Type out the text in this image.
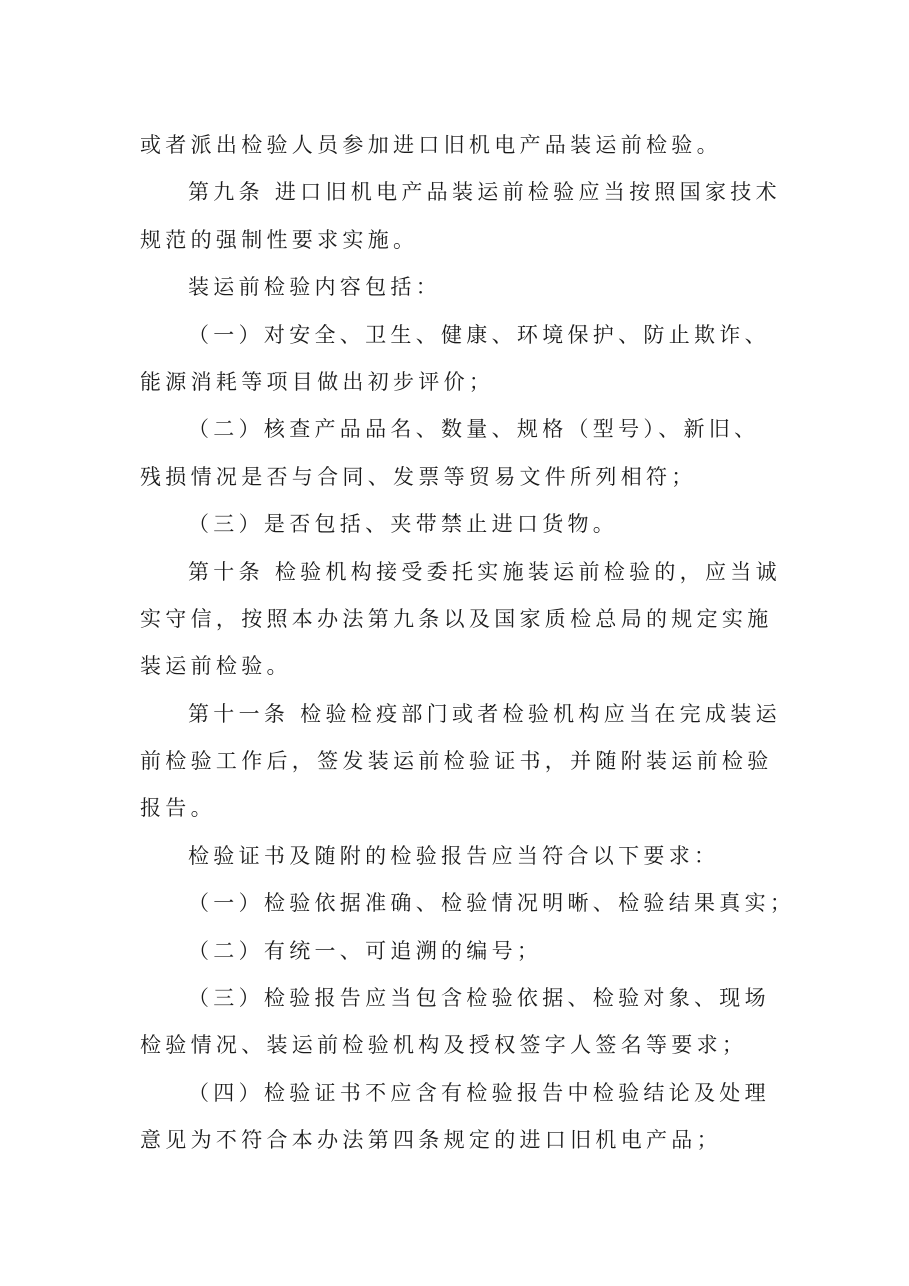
或者派出检验人员参加进口旧机电产品装运前检验。
第九条 进口旧机电产品装运前检验应当按照国家技术
规范的强制性要求实施。
装运前检验内容包括：
（一）对安全、卫生、健康、环境保护、防止欺诈、
能源消耗等项目做出初步评价；
（二）核查产品品名、数量、规格（型号）、新旧、
残损情况是否与合同、发票等贸易文件所列相符；
（三）是否包括、夹带禁止进口货物。
第十条 检验机构接受委托实施装运前检验的，应当诚
实守信，按照本办法第九条以及国家质检总局的规定实施
装运前检验。
第十一条 检验检疫部门或者检验机构应当在完成装运
前检验工作后，签发装运前检验证书，并随附装运前检验
报告。
检验证书及随附的检验报告应当符合以下要求：
（一）检验依据准确、检验情况明晰、检验结果真实；
（二）有统一、可追溯的编号；
（三）检验报告应当包含检验依据、检验对象、现场
检验情况、装运前检验机构及授权签字人签名等要求；
（四）检验证书不应含有检验报告中检验结论及处理
意见为不符合本办法第四条规定的进口旧机电产品；
